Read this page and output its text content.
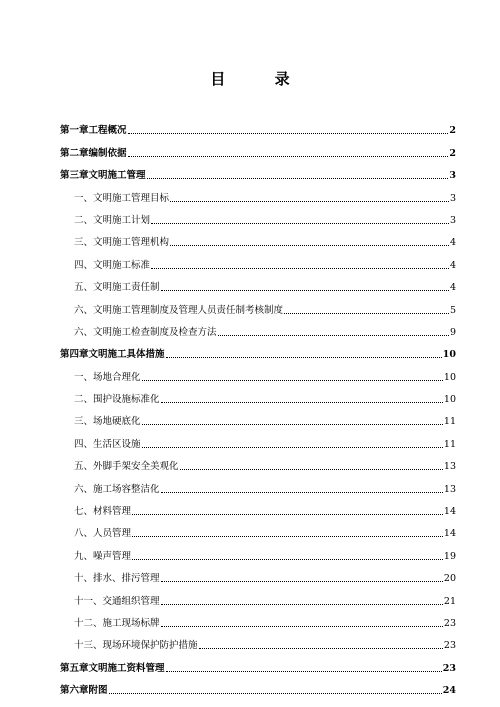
目 录
第一章工程概况	2
第二章编制依据	2
第三章文明施工管理	3
一、文明施工管理目标	3
二、文明施工计划	3
三、文明施工管理机构	4
四、文明施工标准	4
五、文明施工责任制	4
六、文明施工管理制度及管理人员责任制考核制度	5
六、文明施工检查制度及检查方法	9
第四章文明施工具体措施	10
一、场地合理化	10
二、围护设施标准化	10
三、场地硬底化	11
四、生活区设施	11
五、外脚手架安全美观化	13
六、施工场容整洁化	13
七、材料管理	14
八、人员管理	14
九、噪声管理	19
十、排水、排污管理	20
十一、交通组织管理	21
十二、施工现场标牌	23
十三、现场环境保护防护措施	23
第五章文明施工资料管理	23
第六章附图	24
